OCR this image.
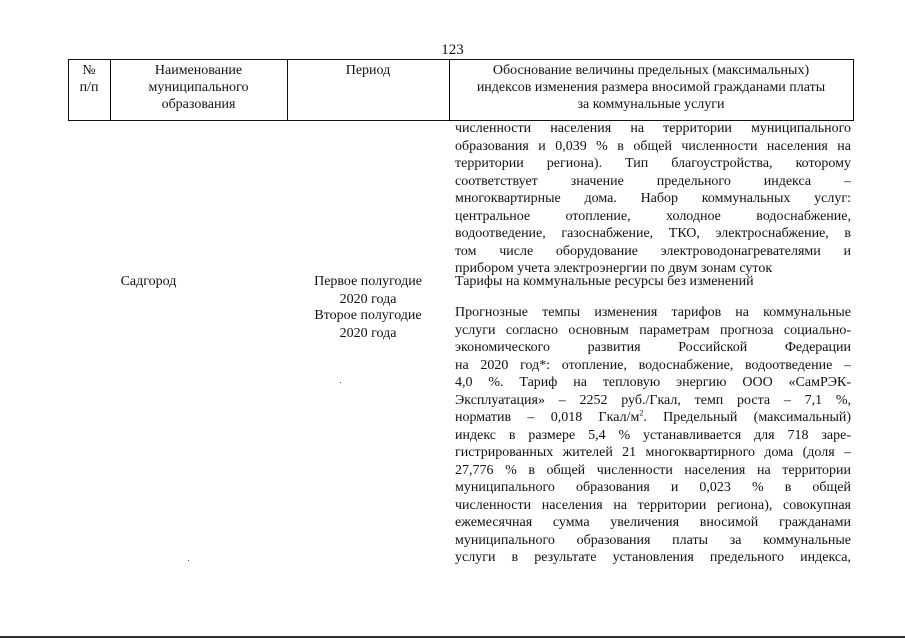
123
№
п/п
Наименование
муниципального
образования
Период	Обоснование величины предельных (максимальных)
индексов изменения размера вносимой гражданами платы
за коммунальные услуги
численности населения на территории муниципального
образования и 0,039 % в общей численности населения на
территории региона). Тип благоустройства, которому
соответствует значение предельного индекса –
многоквартирные дома. Набор коммунальных услуг:
центральное отопление, холодное водоснабжение,
водоотведение, газоснабжение, ТКО, электроснабжение, в
том числе оборудование электроводонагревателями и
прибором учета электроэнергии по двум зонам суток
Садгород	Первое полугодие
2020 года
Тарифы на коммунальные ресурсы без изменений
Второе полугодие
2020 года
Прогнозные темпы изменения тарифов на коммунальные
услуги согласно основным параметрам прогноза социально-
экономического развития Российской Федерации
на 2020 год*: отопление, водоснабжение, водоотведение –
4,0 %. Тариф на тепловую энергию ООО «СамРЭК-
Эксплуатация» – 2252 руб./Гкал, темп роста – 7,1 %,
норматив – 0,018 Гкал/$м^2$. Предельный (максимальный)
индекс в размере 5,4 % устанавливается для 718 заре-
гистрированных жителей 21 многоквартирного дома (доля –
27,776 % в общей численности населения на территории
муниципального образования и 0,023 % в общей
численности населения на территории региона), совокупная
ежемесячная сумма увеличения вносимой гражданами
муниципального образования платы за коммунальные
услуги в результате установления предельного индекса,
